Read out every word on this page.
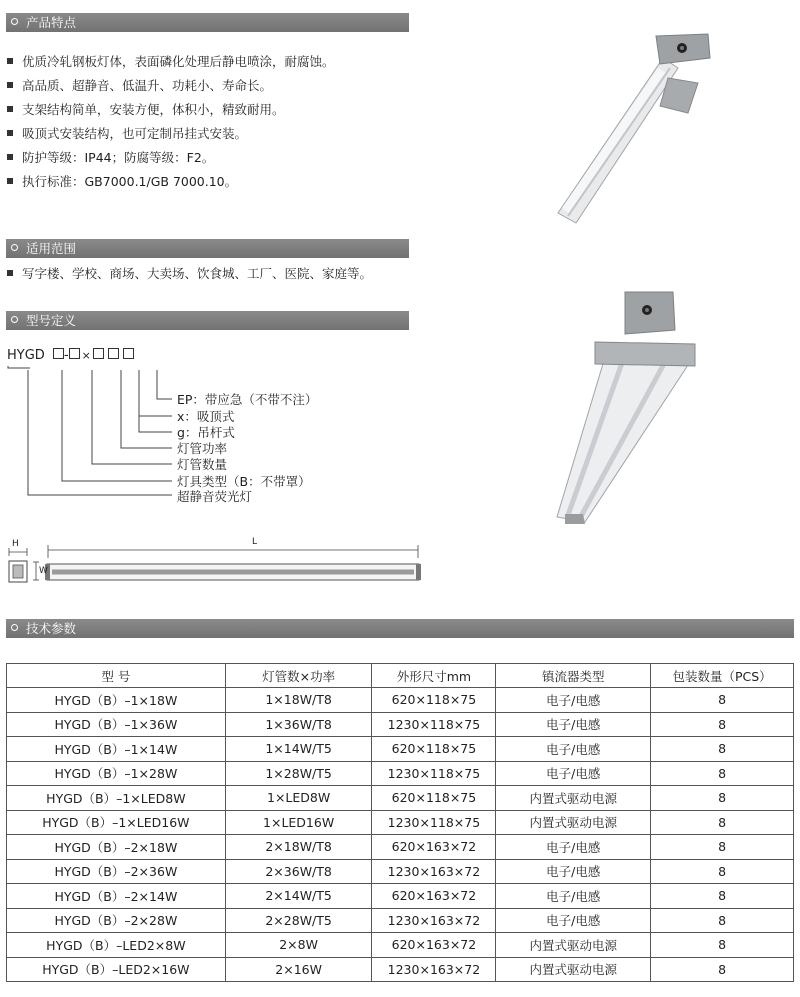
产品特点
优质冷轧钢板灯体，表面磷化处理后静电喷涂，耐腐蚀。
高品质、超静音、低温升、功耗小、寿命长。
支架结构简单，安装方便，体积小，精致耐用。
吸顶式安装结构，也可定制吊挂式安装。
防护等级：IP44；防腐等级：F2。
执行标准：GB7000.1/GB 7000.10。
适用范围
写字楼、学校、商场、大卖场、饮食城、工厂、医院、家庭等。
型号定义
HYGD - ×
EP：带应急（不带不注）
x：吸顶式
g：吊杆式
灯管功率
灯管数量
灯具类型（B：不带罩）
超静音荧光灯
H
W
L
技术参数
型 号	灯管数×功率	外形尺寸mm	镇流器类型	包装数量（PCS）
HYGD（B）–1×18W	1×18W/T8	620×118×75	电子/电感	8
HYGD（B）–1×36W	1×36W/T8	1230×118×75	电子/电感	8
HYGD（B）–1×14W	1×14W/T5	620×118×75	电子/电感	8
HYGD（B）–1×28W	1×28W/T5	1230×118×75	电子/电感	8
HYGD（B）–1×LED8W	1×LED8W	620×118×75	内置式驱动电源	8
HYGD（B）–1×LED16W	1×LED16W	1230×118×75	内置式驱动电源	8
HYGD（B）–2×18W	2×18W/T8	620×163×72	电子/电感	8
HYGD（B）–2×36W	2×36W/T8	1230×163×72	电子/电感	8
HYGD（B）–2×14W	2×14W/T5	620×163×72	电子/电感	8
HYGD（B）–2×28W	2×28W/T5	1230×163×72	电子/电感	8
HYGD（B）–LED2×8W	2×8W	620×163×72	内置式驱动电源	8
HYGD（B）–LED2×16W	2×16W	1230×163×72	内置式驱动电源	8
